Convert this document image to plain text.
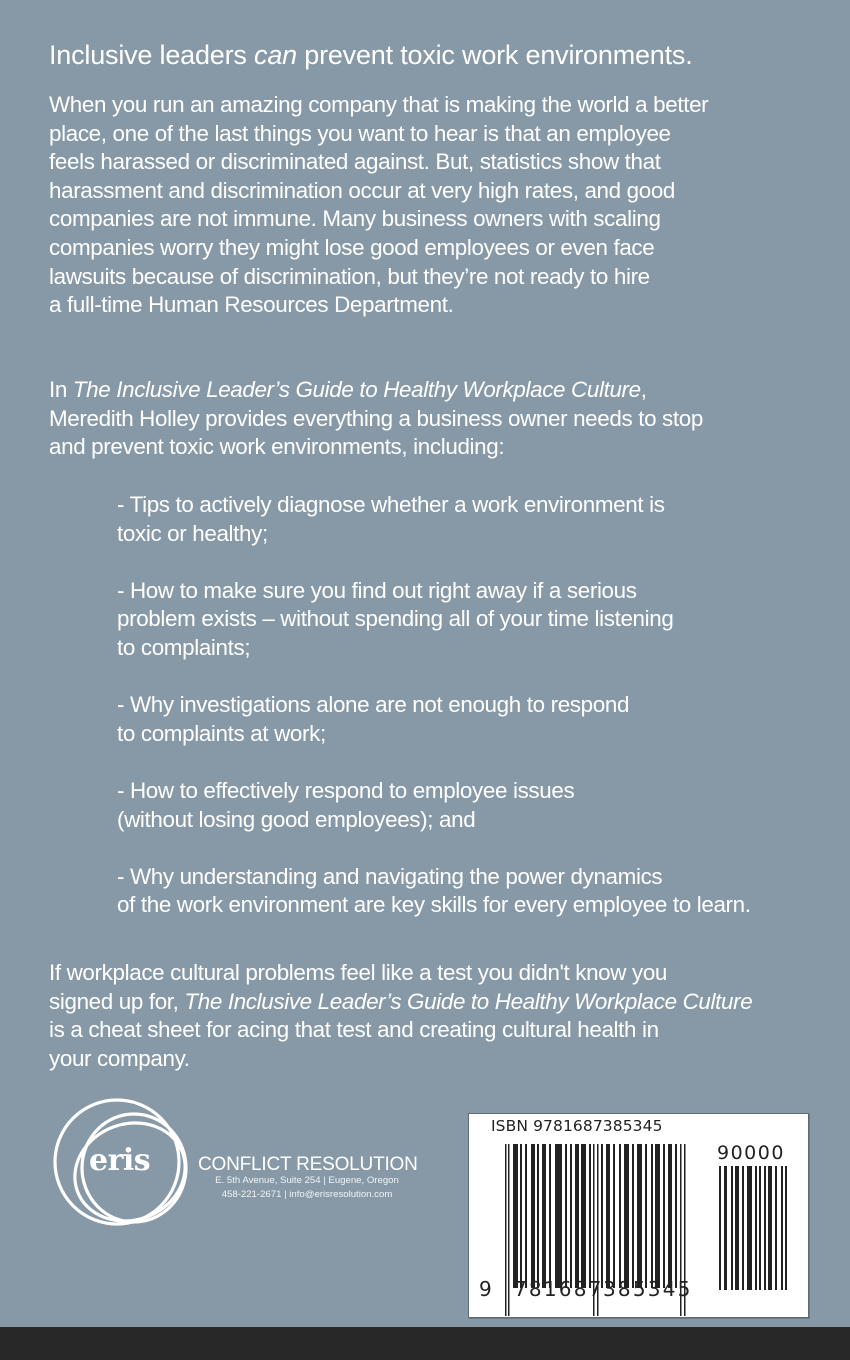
Inclusive leaders can prevent toxic work environments.
When you run an amazing company that is making the world a better
place, one of the last things you want to hear is that an employee
feels harassed or discriminated against. But, statistics show that
harassment and discrimination occur at very high rates, and good
companies are not immune. Many business owners with scaling
companies worry they might lose good employees or even face
lawsuits because of discrimination, but they’re not ready to hire
a full-time Human Resources Department.
In The Inclusive Leader’s Guide to Healthy Workplace Culture,
Meredith Holley provides everything a business owner needs to stop
and prevent toxic work environments, including:
- Tips to actively diagnose whether a work environment is
toxic or healthy;
- How to make sure you find out right away if a serious
problem exists – without spending all of your time listening
to complaints;
- Why investigations alone are not enough to respond
to complaints at work;
- How to effectively respond to employee issues
(without losing good employees); and
- Why understanding and navigating the power dynamics
of the work environment are key skills for every employee to learn.
If workplace cultural problems feel like a test you didn't know you
signed up for, The Inclusive Leader’s Guide to Healthy Workplace Culture
is a cheat sheet for acing that test and creating cultural health in
your company.
eris	CONFLICT RESOLUTION
E. 5th Avenue, Suite 254 | Eugene, Oregon
458-221-2671 | info@erisresolution.com
ISBN 9781687385345
90000
9 781687 385345
